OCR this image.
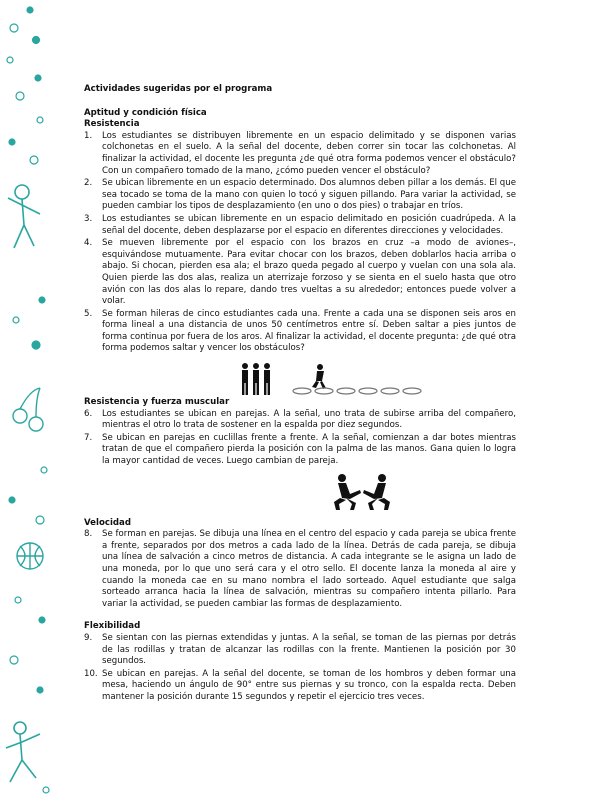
Actividades sugeridas por el programa
Aptitud y condición física
Resistencia
1. Los estudiantes se distribuyen libremente en un espacio delimitado y se disponen varias colchonetas en el suelo. A la señal del docente, deben correr sin tocar las colchonetas. Al finalizar la actividad, el docente les pregunta ¿de qué otra forma podemos vencer el obstáculo? Con un compañero tomado de la mano, ¿cómo pueden vencer el obstáculo?
2. Se ubican libremente en un espacio determinado. Dos alumnos deben pillar a los demás. El que sea tocado se toma de la mano con quien lo tocó y siguen pillando. Para variar la actividad, se pueden cambiar los tipos de desplazamiento (en uno o dos pies) o trabajar en tríos.
3. Los estudiantes se ubican libremente en un espacio delimitado en posición cuadrúpeda. A la señal del docente, deben desplazarse por el espacio en diferentes direcciones y velocidades.
4. Se mueven libremente por el espacio con los brazos en cruz –a modo de aviones–, esquivándose mutuamente. Para evitar chocar con los brazos, deben doblarlos hacia arriba o abajo. Si chocan, pierden esa ala; el brazo queda pegado al cuerpo y vuelan con una sola ala. Quien pierde las dos alas, realiza un aterrizaje forzoso y se sienta en el suelo hasta que otro avión con las dos alas lo repare, dando tres vueltas a su alrededor; entonces puede volver a volar.
5. Se forman hileras de cinco estudiantes cada una. Frente a cada una se disponen seis aros en forma lineal a una distancia de unos 50 centímetros entre sí. Deben saltar a pies juntos de forma continua por fuera de los aros. Al finalizar la actividad, el docente pregunta: ¿de qué otra forma podemos saltar y vencer los obstáculos?
Resistencia y fuerza muscular
6. Los estudiantes se ubican en parejas. A la señal, uno trata de subirse arriba del compañero, mientras el otro lo trata de sostener en la espalda por diez segundos.
7. Se ubican en parejas en cuclillas frente a frente. A la señal, comienzan a dar botes mientras tratan de que el compañero pierda la posición con la palma de las manos. Gana quien lo logra la mayor cantidad de veces. Luego cambian de pareja.
Velocidad
8. Se forman en parejas. Se dibuja una línea en el centro del espacio y cada pareja se ubica frente a frente, separados por dos metros a cada lado de la línea. Detrás de cada pareja, se dibuja una línea de salvación a cinco metros de distancia. A cada integrante se le asigna un lado de una moneda, por lo que uno será cara y el otro sello. El docente lanza la moneda al aire y cuando la moneda cae en su mano nombra el lado sorteado. Aquel estudiante que salga sorteado arranca hacia la línea de salvación, mientras su compañero intenta pillarlo. Para variar la actividad, se pueden cambiar las formas de desplazamiento.
Flexibilidad
9. Se sientan con las piernas extendidas y juntas. A la señal, se toman de las piernas por detrás de las rodillas y tratan de alcanzar las rodillas con la frente. Mantienen la posición por 30 segundos.
10. Se ubican en parejas. A la señal del docente, se toman de los hombros y deben formar una mesa, haciendo un ángulo de 90° entre sus piernas y su tronco, con la espalda recta. Deben mantener la posición durante 15 segundos y repetir el ejercicio tres veces.
